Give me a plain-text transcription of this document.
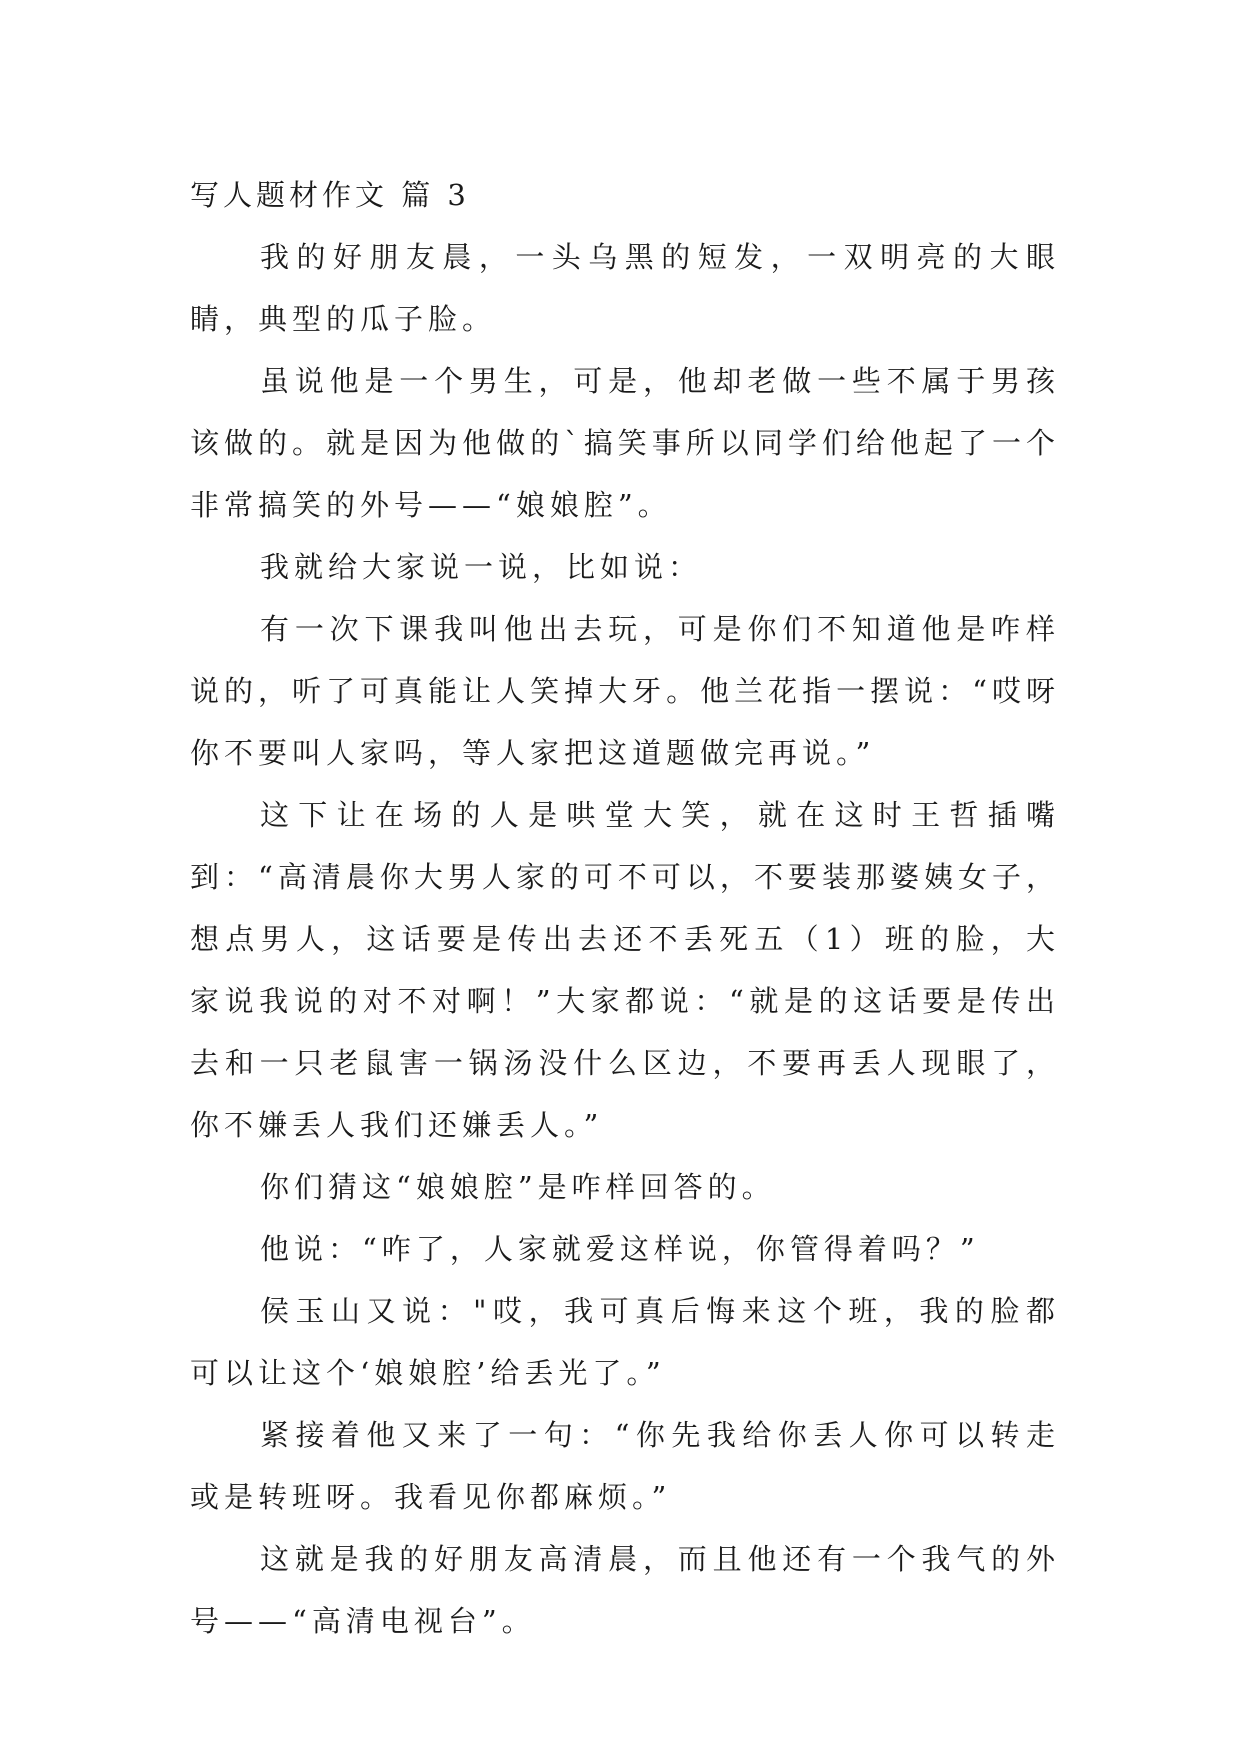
写人题材作文 篇 3

我的好朋友晨，一头乌黑的短发，一双明亮的大眼睛，典型的瓜子脸。

虽说他是一个男生，可是，他却老做一些不属于男孩该做的。就是因为他做的`搞笑事所以同学们给他起了一个非常搞笑的外号——“娘娘腔”。

我就给大家说一说，比如说：

有一次下课我叫他出去玩，可是你们不知道他是咋样说的，听了可真能让人笑掉大牙。他兰花指一摆说：“哎呀你不要叫人家吗，等人家把这道题做完再说。”

这下让在场的人是哄堂大笑，就在这时王哲插嘴到：“高清晨你大男人家的可不可以，不要装那婆姨女子，想点男人，这话要是传出去还不丢死五（1）班的脸，大家说我说的对不对啊！”大家都说：“就是的这话要是传出去和一只老鼠害一锅汤没什么区边，不要再丢人现眼了，你不嫌丢人我们还嫌丢人。”

你们猜这“娘娘腔”是咋样回答的。

他说：“咋了，人家就爱这样说，你管得着吗？”

侯玉山又说："哎，我可真后悔来这个班，我的脸都可以让这个‘娘娘腔’给丢光了。”

紧接着他又来了一句：“你先我给你丢人你可以转走或是转班呀。我看见你都麻烦。”

这就是我的好朋友高清晨，而且他还有一个我气的外号——“高清电视台”。
